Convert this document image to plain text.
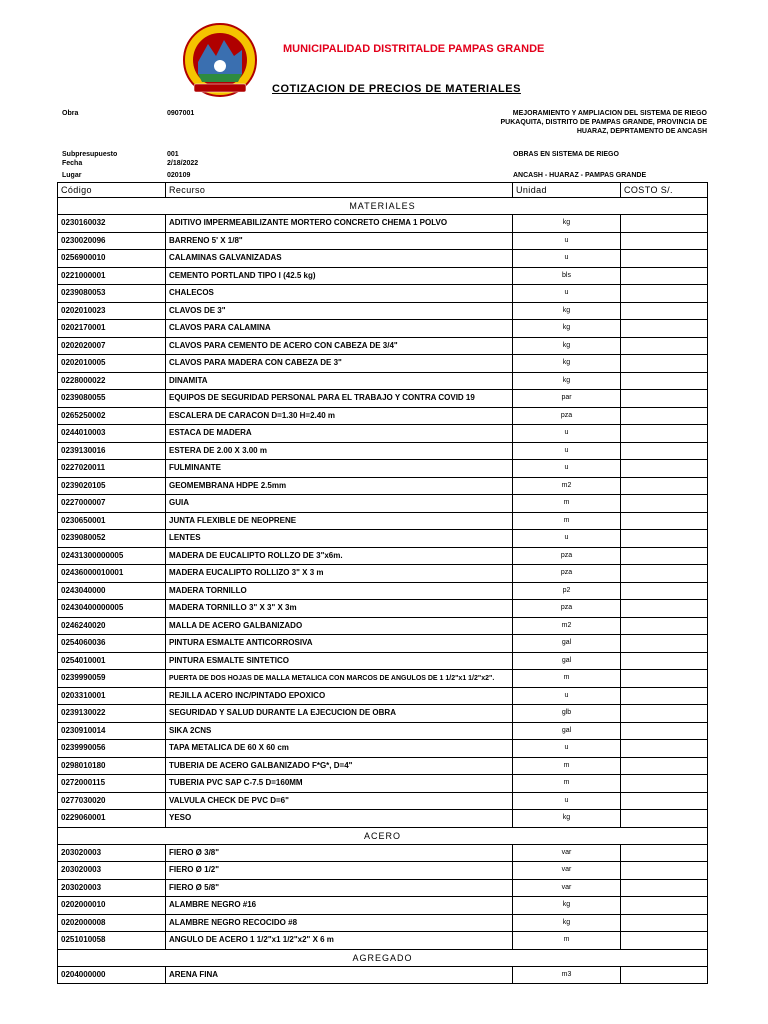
MUNICIPALIDAD DISTRITALDE PAMPAS GRANDE
COTIZACION DE PRECIOS DE MATERIALES
Obra	0907001	MEJORAMIENTO Y AMPLIACION DEL SISTEMA DE RIEGO
PUKAQUITA, DISTRITO DE PAMPAS GRANDE, PROVINCIA DE
HUARAZ, DEPRTAMENTO DE ANCASH
Subpresupuesto	001	OBRAS EN SISTEMA DE RIEGO
Fecha	2/18/2022
Lugar	020109	ANCASH - HUARAZ - PAMPAS GRANDE
Código	Recurso	Unidad	COSTO S/.
MATERIALES			
0230160032	ADITIVO IMPERMEABILIZANTE MORTERO CONCRETO CHEMA 1 POLVO	kg	
0230020096	BARRENO 5' X 1/8"	u	
0256900010	CALAMINAS GALVANIZADAS	u	
0221000001	CEMENTO PORTLAND TIPO I (42.5 kg)	bls	
0239080053	CHALECOS	u	
0202010023	CLAVOS DE 3"	kg	
0202170001	CLAVOS PARA CALAMINA	kg	
0202020007	CLAVOS PARA CEMENTO DE ACERO CON CABEZA DE 3/4"	kg	
0202010005	CLAVOS PARA MADERA CON CABEZA DE 3"	kg	
0228000022	DINAMITA	kg	
0239080055	EQUIPOS DE SEGURIDAD PERSONAL PARA EL TRABAJO Y CONTRA COVID 19	par	
0265250002	ESCALERA DE CARACON D=1.30 H=2.40 m	pza	
0244010003	ESTACA DE MADERA	u	
0239130016	ESTERA DE 2.00 X 3.00 m	u	
0227020011	FULMINANTE	u	
0239020105	GEOMEMBRANA HDPE 2.5mm	m2	
0227000007	GUIA	m	
0230650001	JUNTA FLEXIBLE DE NEOPRENE	m	
0239080052	LENTES	u	
02431300000005	MADERA DE EUCALIPTO ROLLZO DE 3"x6m.	pza	
02436000010001	MADERA EUCALIPTO ROLLIZO 3" X 3 m	pza	
0243040000	MADERA TORNILLO	p2	
02430400000005	MADERA TORNILLO 3" X 3" X 3m	pza	
0246240020	MALLA DE ACERO GALBANIZADO	m2	
0254060036	PINTURA ESMALTE ANTICORROSIVA	gal	
0254010001	PINTURA ESMALTE SINTETICO	gal	
0239990059	PUERTA DE DOS HOJAS DE MALLA METALICA CON MARCOS DE ANGULOS DE 1 1/2"x1 1/2"x2".	m	
0203310001	REJILLA ACERO INC/PINTADO EPOXICO	u	
0239130022	SEGURIDAD Y SALUD DURANTE LA EJECUCION DE OBRA	glb	
0230910014	SIKA 2CNS	gal	
0239990056	TAPA METALICA DE 60 X 60 cm	u	
0298010180	TUBERIA DE ACERO GALBANIZADO F*G*, D=4"	m	
0272000115	TUBERIA PVC SAP C-7.5 D=160MM	m	
0277030020	VALVULA CHECK DE PVC D=6"	u	
0229060001	YESO	kg	
ACERO			
203020003	FIERO Ø 3/8"	var	
203020003	FIERO Ø 1/2"	var	
203020003	FIERO Ø 5/8"	var	
0202000010	ALAMBRE NEGRO #16	kg	
0202000008	ALAMBRE NEGRO RECOCIDO #8	kg	
0251010058	ANGULO DE ACERO 1 1/2"x1 1/2"x2" X 6 m	m	
AGREGADO			
0204000000	ARENA FINA	m3	
